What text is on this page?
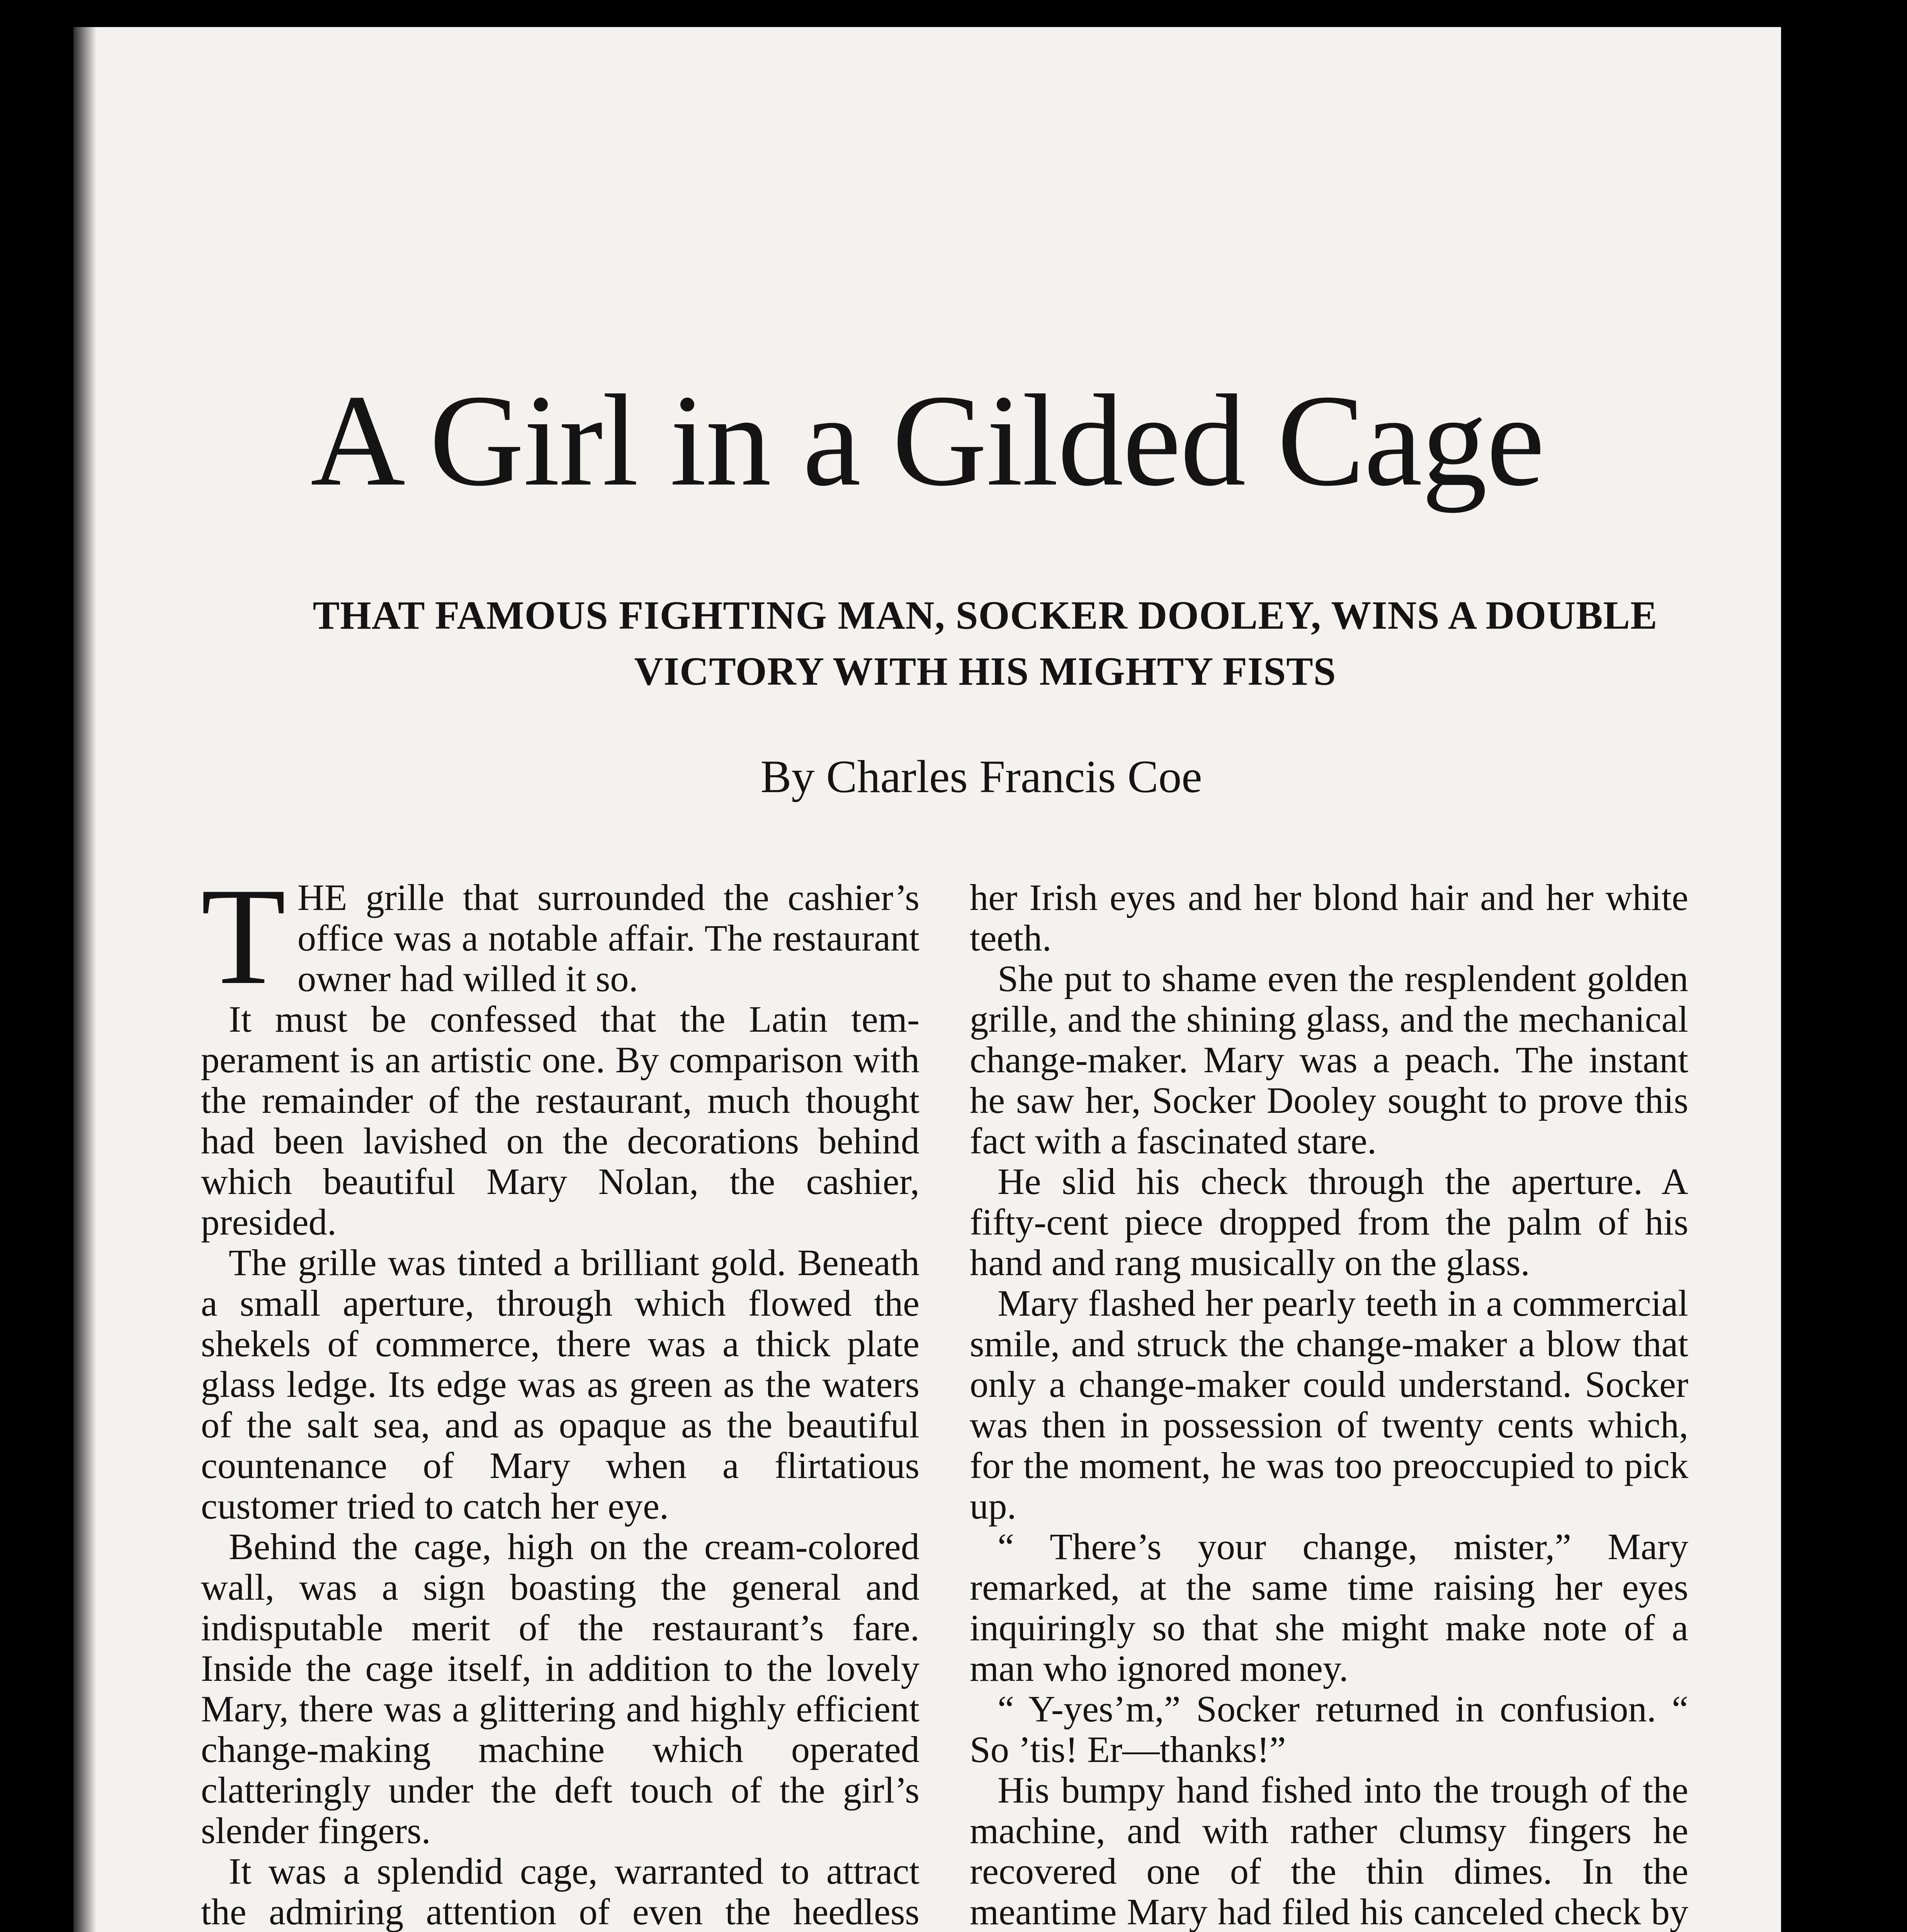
A Girl in a Gilded Cage
THAT FAMOUS FIGHTING MAN, SOCKER DOOLEY, WINS A DOUBLE VICTORY WITH HIS MIGHTY FISTS
By Charles Francis Coe

THE grille that surrounded the cashier’s office was a notable affair. The restaurant owner had willed it so.

It must be confessed that the Latin temperament is an artistic one. By comparison with the remainder of the restaurant, much thought had been lavished on the decorations behind which beautiful Mary Nolan, the cashier, presided.

The grille was tinted a brilliant gold. Beneath a small aperture, through which flowed the shekels of commerce, there was a thick plate glass ledge. Its edge was as green as the waters of the salt sea, and as opaque as the beautiful countenance of Mary when a flirtatious customer tried to catch her eye.

Behind the cage, high on the cream-colored wall, was a sign boasting the general and indisputable merit of the restaurant’s fare. Inside the cage itself, in addition to the lovely Mary, there was a glittering and highly efficient change-making machine which operated clatteringly under the deft touch of the girl’s slender fingers.

It was a splendid cage, warranted to attract the admiring attention of even the heedless

her Irish eyes and her blond hair and her white teeth.

She put to shame even the resplendent golden grille, and the shining glass, and the mechanical change-maker. Mary was a peach. The instant he saw her, Socker Dooley sought to prove this fact with a fascinated stare.

He slid his check through the aperture. A fifty-cent piece dropped from the palm of his hand and rang musically on the glass.

Mary flashed her pearly teeth in a commercial smile, and struck the change-maker a blow that only a change-maker could understand. Socker was then in possession of twenty cents which, for the moment, he was too preoccupied to pick up.

“ There’s your change, mister,” Mary remarked, at the same time raising her eyes inquiringly so that she might make note of a man who ignored money.

“ Y-yes’m,” Socker returned in confusion. “ So ’tis! Er—thanks!”

His bumpy hand fished into the trough of the machine, and with rather clumsy fingers he recovered one of the thin dimes. In the meantime Mary had filed his canceled check by
